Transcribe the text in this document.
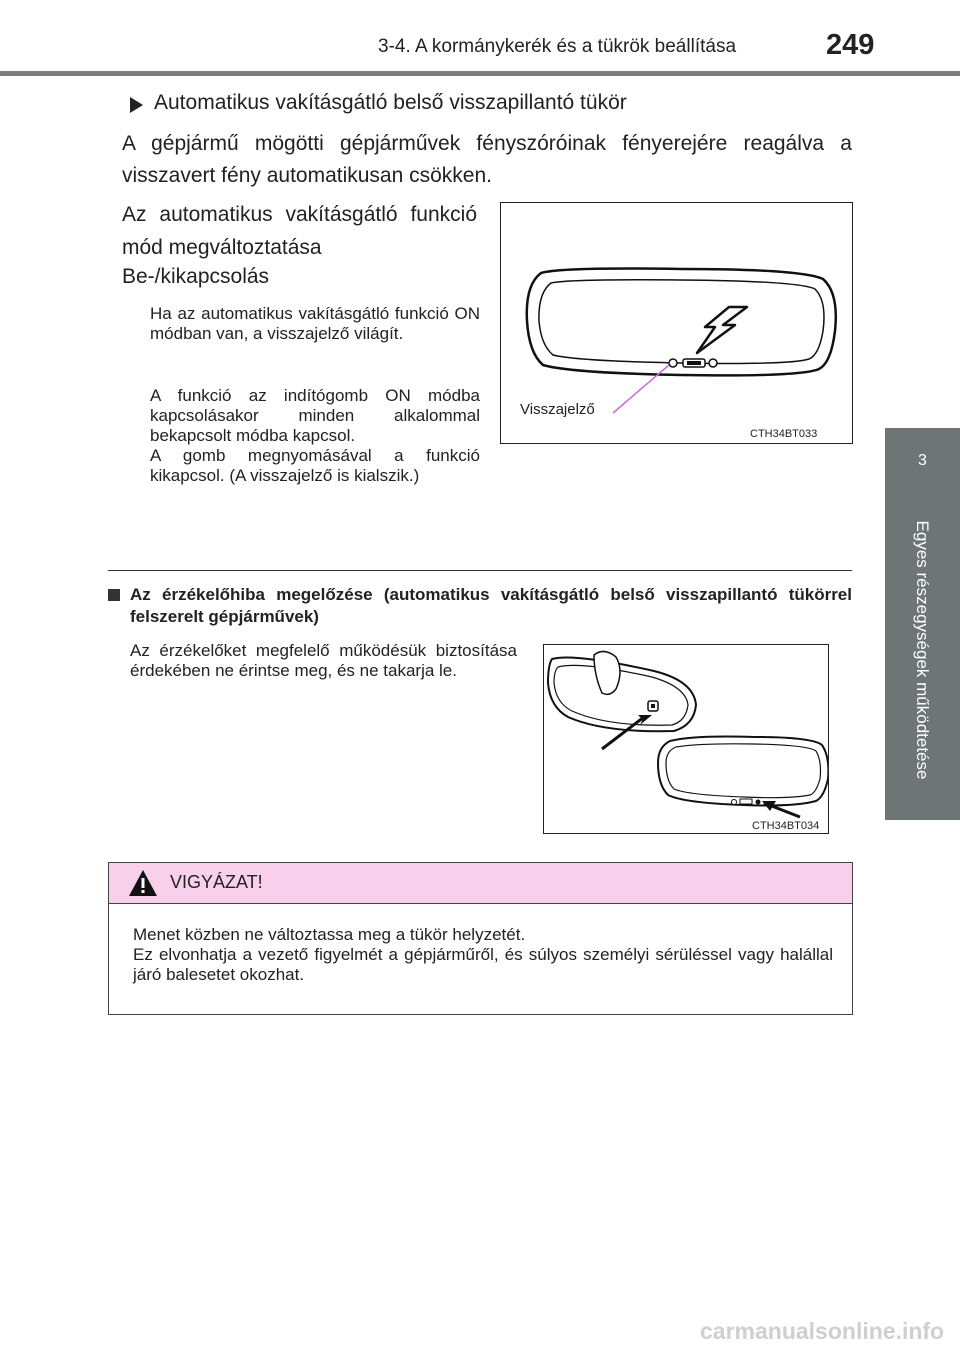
3-4. A kormánykerék és a tükrök beállítása	249
3
Egyes részegységek működtetése
Automatikus vakításgátló belső visszapillantó tükör
A gépjármű mögötti gépjárművek fényszóróinak fényerejére reagálva a visszavert fény automatikusan csökken.
Az automatikus vakításgátló funkció mód megváltoztatása
Be-/kikapcsolás
Ha az automatikus vakításgátló funkció ON módban van, a visszajelző világít.
A funkció az indítógomb ON módba kapcsolásakor minden alkalommal bekapcsolt módba kapcsol.
A gomb megnyomásával a funkció kikapcsol. (A visszajelző is kialszik.)
Visszajelző
CTH34BT033
Az érzékelőhiba megelőzése (automatikus vakításgátló belső visszapillantó tükörrel felszerelt gépjárművek)
Az érzékelőket megfelelő működésük biztosítása érdekében ne érintse meg, és ne takarja le.
CTH34BT034
VIGYÁZAT!
Menet közben ne változtassa meg a tükör helyzetét.
Ez elvonhatja a vezető figyelmét a gépjárműről, és súlyos személyi sérüléssel vagy halállal járó balesetet okozhat.
carmanualsonline.info
